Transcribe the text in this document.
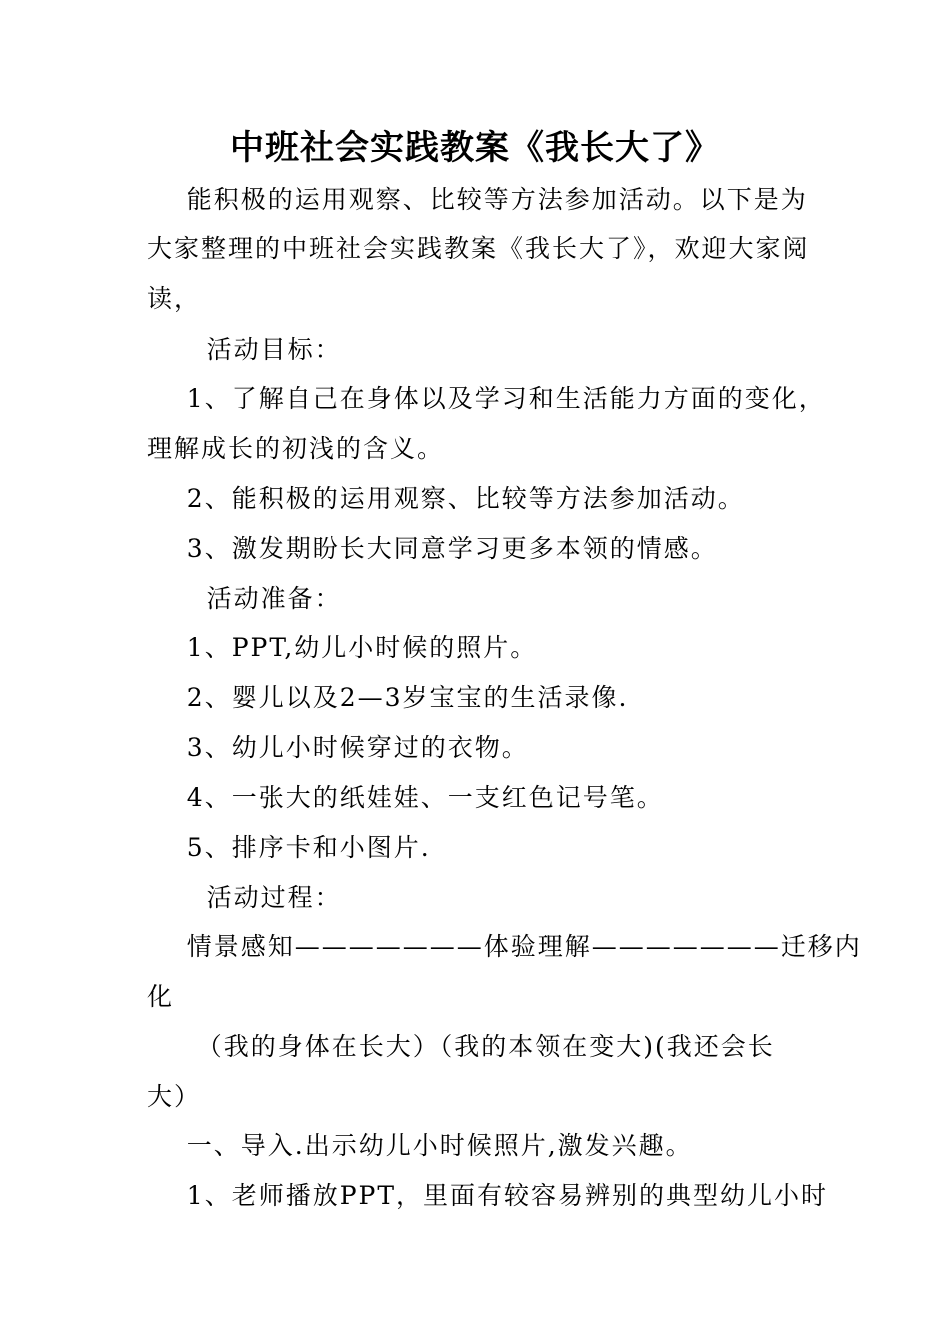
中班社会实践教案《我长大了》
能积极的运用观察、比较等方法参加活动。以下是为
大家整理的中班社会实践教案《我长大了》，欢迎大家阅
读，
活动目标：
1、了解自己在身体以及学习和生活能力方面的变化，
理解成长的初浅的含义。
2、能积极的运用观察、比较等方法参加活动。
3、激发期盼长大同意学习更多本领的情感。
活动准备：
1、PPT,幼儿小时候的照片。
2、婴儿以及2—3岁宝宝的生活录像.
3、幼儿小时候穿过的衣物。
4、一张大的纸娃娃、一支红色记号笔。
5、排序卡和小图片.
活动过程：
情景感知———————体验理解———————迁移内
化
（我的身体在长大）（我的本领在变大)(我还会长
大）
一、导入.出示幼儿小时候照片,激发兴趣。
1、老师播放PPT，里面有较容易辨别的典型幼儿小时
